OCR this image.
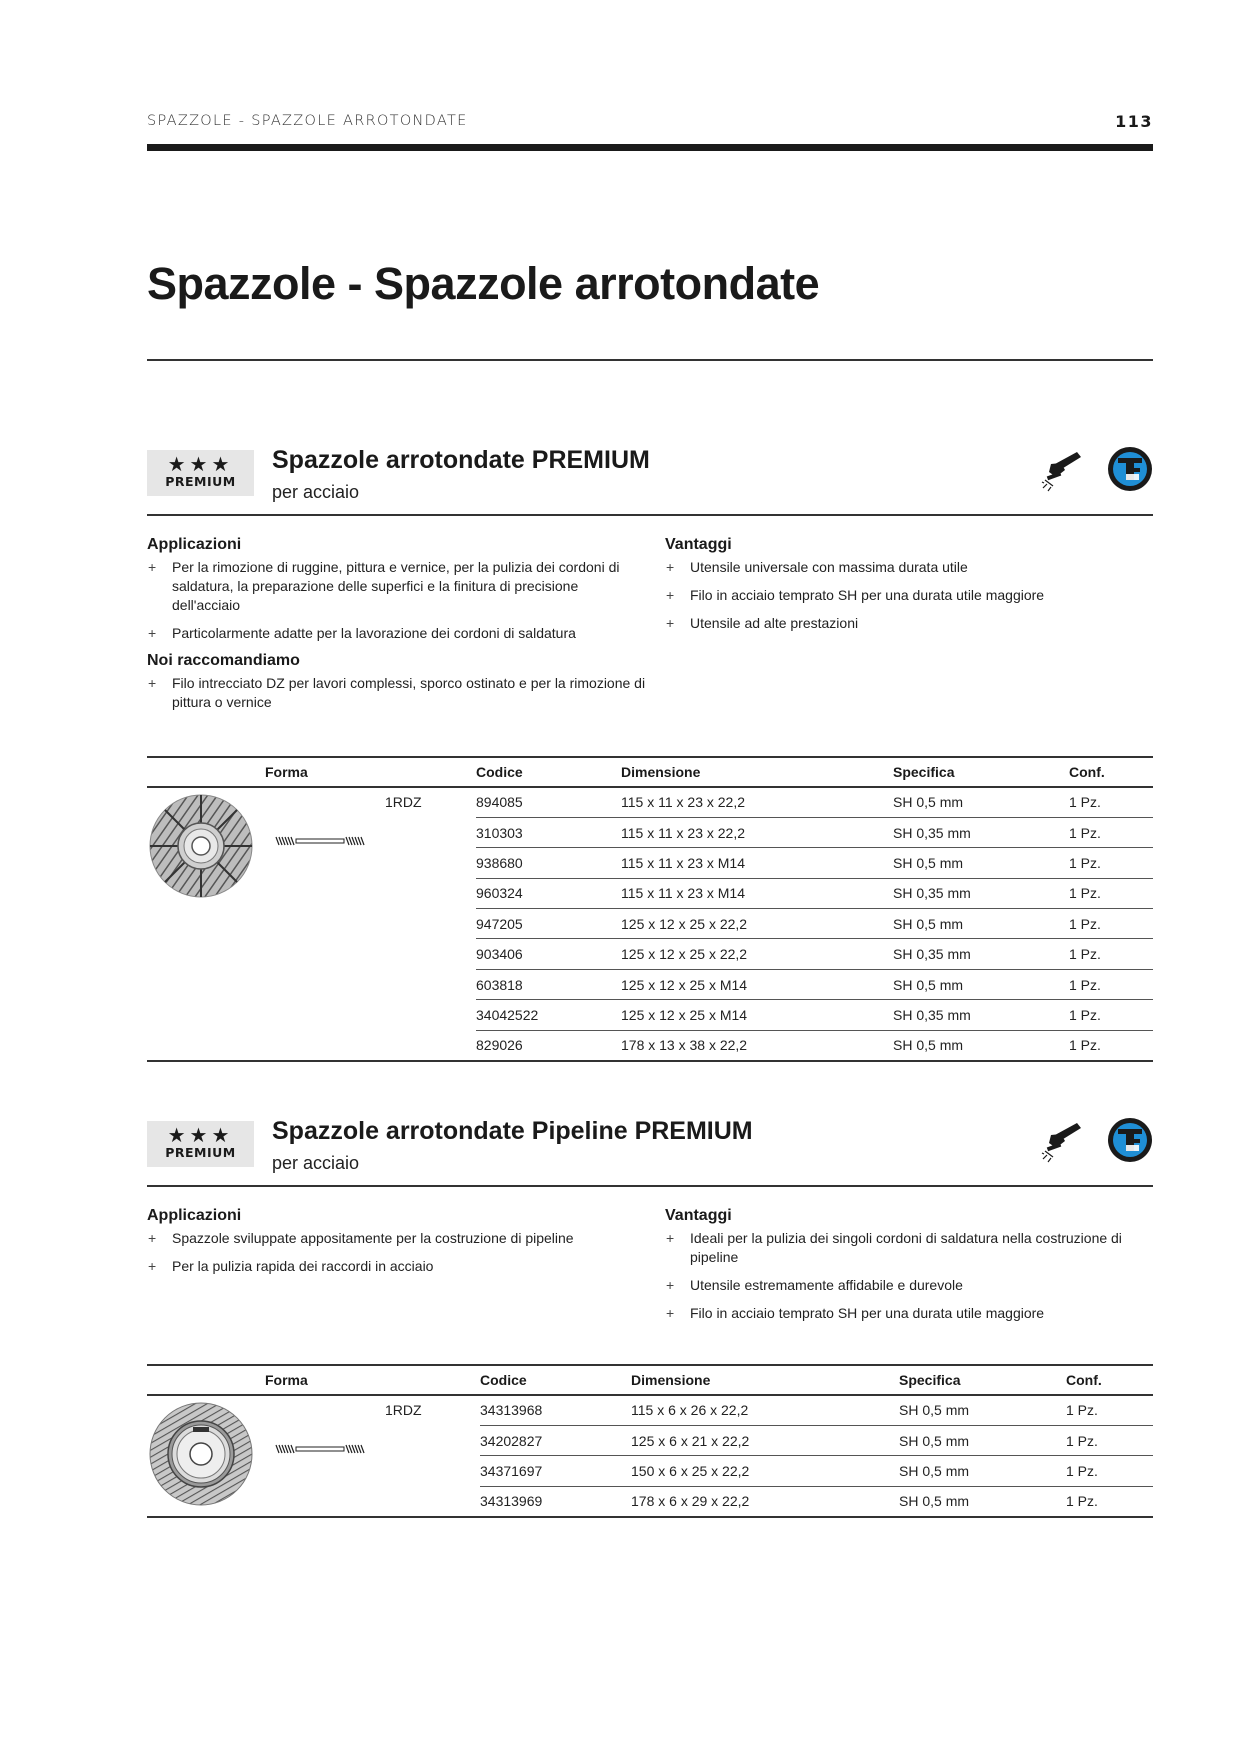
SPAZZOLE - SPAZZOLE ARROTONDATE	113
Spazzole - Spazzole arrotondate
★★★
PREMIUM
Spazzole arrotondate PREMIUM
per acciaio
Applicazioni
+ Per la rimozione di ruggine, pittura e vernice, per la pulizia dei cordoni di saldatura, la preparazione delle superfici e la finitura di precisione dell'acciaio
+ Particolarmente adatte per la lavorazione dei cordoni di saldatura
Noi raccomandiamo
+ Filo intrecciato DZ per lavori complessi, sporco ostinato e per la rimozione di pittura o vernice
Vantaggi
+ Utensile universale con massima durata utile
+ Filo in acciaio temprato SH per una durata utile maggiore
+ Utensile ad alte prestazioni
Forma	Codice	Dimensione	Specifica	Conf.

1RDZ	894085	115 x 11 x 23 x 22,2	SH 0,5 mm	1 Pz.
	310303	115 x 11 x 23 x 22,2	SH 0,35 mm	1 Pz.
	938680	115 x 11 x 23 x M14	SH 0,5 mm	1 Pz.
	960324	115 x 11 x 23 x M14	SH 0,35 mm	1 Pz.
	947205	125 x 12 x 25 x 22,2	SH 0,5 mm	1 Pz.
	903406	125 x 12 x 25 x 22,2	SH 0,35 mm	1 Pz.
	603818	125 x 12 x 25 x M14	SH 0,5 mm	1 Pz.
	34042522	125 x 12 x 25 x M14	SH 0,35 mm	1 Pz.
	829026	178 x 13 x 38 x 22,2	SH 0,5 mm	1 Pz.
★★★
PREMIUM
Spazzole arrotondate Pipeline PREMIUM
per acciaio
Applicazioni
+ Spazzole sviluppate appositamente per la costruzione di pipeline
+ Per la pulizia rapida dei raccordi in acciaio
Vantaggi
+ Ideali per la pulizia dei singoli cordoni di saldatura nella costruzione di pipeline
+ Utensile estremamente affidabile e durevole
+ Filo in acciaio temprato SH per una durata utile maggiore
Forma	Codice	Dimensione	Specifica	Conf.

1RDZ	34313968	115 x 6 x 26 x 22,2	SH 0,5 mm	1 Pz.
	34202827	125 x 6 x 21 x 22,2	SH 0,5 mm	1 Pz.
	34371697	150 x 6 x 25 x 22,2	SH 0,5 mm	1 Pz.
	34313969	178 x 6 x 29 x 22,2	SH 0,5 mm	1 Pz.
